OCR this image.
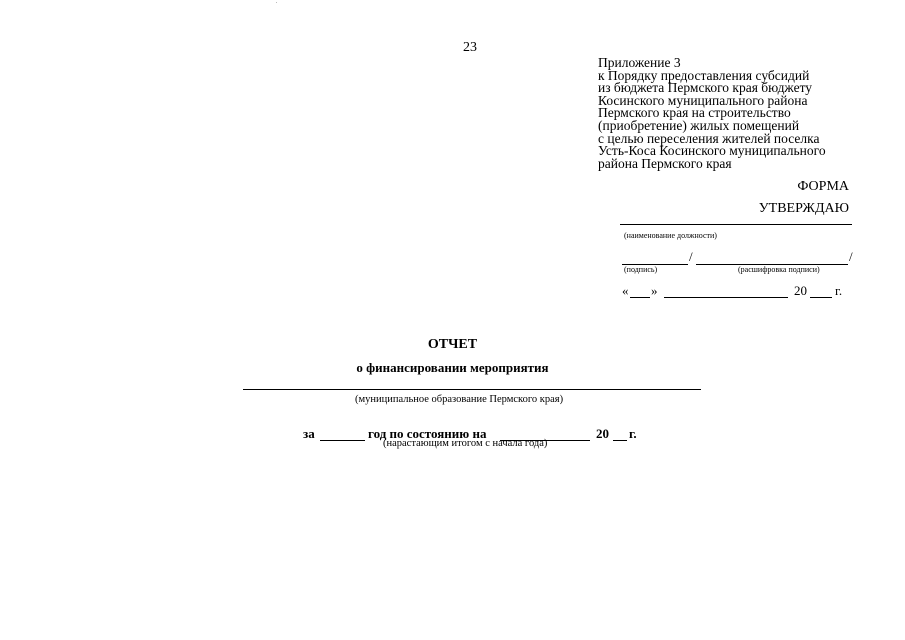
23
Приложение 3
к Порядку предоставления субсидий
из бюджета Пермского края бюджету
Косинского муниципального района
Пермского края на строительство
(приобретение) жилых помещений
с целью переселения жителей поселка
Усть-Коса Косинского муниципального
района Пермского края
ФОРМА
УТВЕРЖДАЮ
(наименование должности)
/	/
(подпись)	(расшифровка подписи)
« »	20 г.
ОТЧЕТ
о финансировании мероприятия
(муниципальное образование Пермского края)
за	год по состоянию на	20 г.
(нарастающим итогом с начала года)
